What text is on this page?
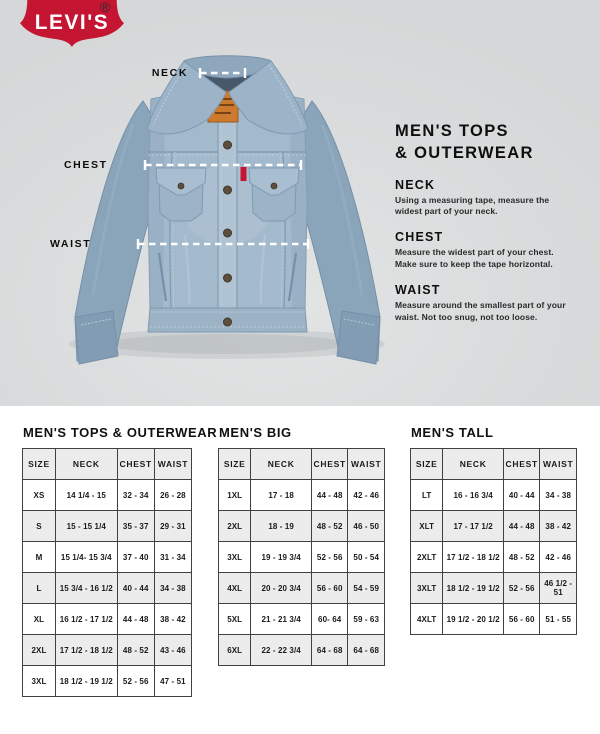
LEVI'S
®
NECK
CHEST
WAIST
MEN'S TOPS
& OUTERWEAR
NECK

Using a measuring tape, measure the widest part of your neck.

CHEST

Measure the widest part of your chest. Make sure to keep the tape horizontal.

WAIST

Measure around the smallest part of your waist. Not too snug, not too loose.

MEN'S TOPS & OUTERWEAR
SIZE	NECK	CHEST	WAIST
XS	14 1/4 - 15	32 - 34	26 - 28
S	15 - 15 1/4	35 - 37	29 - 31
M	15 1/4- 15 3/4	37 - 40	31 - 34
L	15 3/4 - 16 1/2	40 - 44	34 - 38
XL	16 1/2 - 17 1/2	44 - 48	38 - 42
2XL	17 1/2 - 18 1/2	48 - 52	43 - 46
3XL	18 1/2 - 19 1/2	52 - 56	47 - 51
MEN'S BIG
SIZE	NECK	CHEST	WAIST
1XL	17 - 18	44 - 48	42 - 46
2XL	18 - 19	48 - 52	46 - 50
3XL	19 - 19 3/4	52 - 56	50 - 54
4XL	20 - 20 3/4	56 - 60	54 - 59
5XL	21 - 21 3/4	60- 64	59 - 63
6XL	22 - 22 3/4	64 - 68	64 - 68
MEN'S TALL
SIZE	NECK	CHEST	WAIST
LT	16 - 16 3/4	40 - 44	34 - 38
XLT	17 - 17 1/2	44 - 48	38 - 42
2XLT	17 1/2 - 18 1/2	48 - 52	42 - 46
3XLT	18 1/2 - 19 1/2	52 - 56	46 1/2 - 51
4XLT	19 1/2 - 20 1/2	56 - 60	51 - 55
